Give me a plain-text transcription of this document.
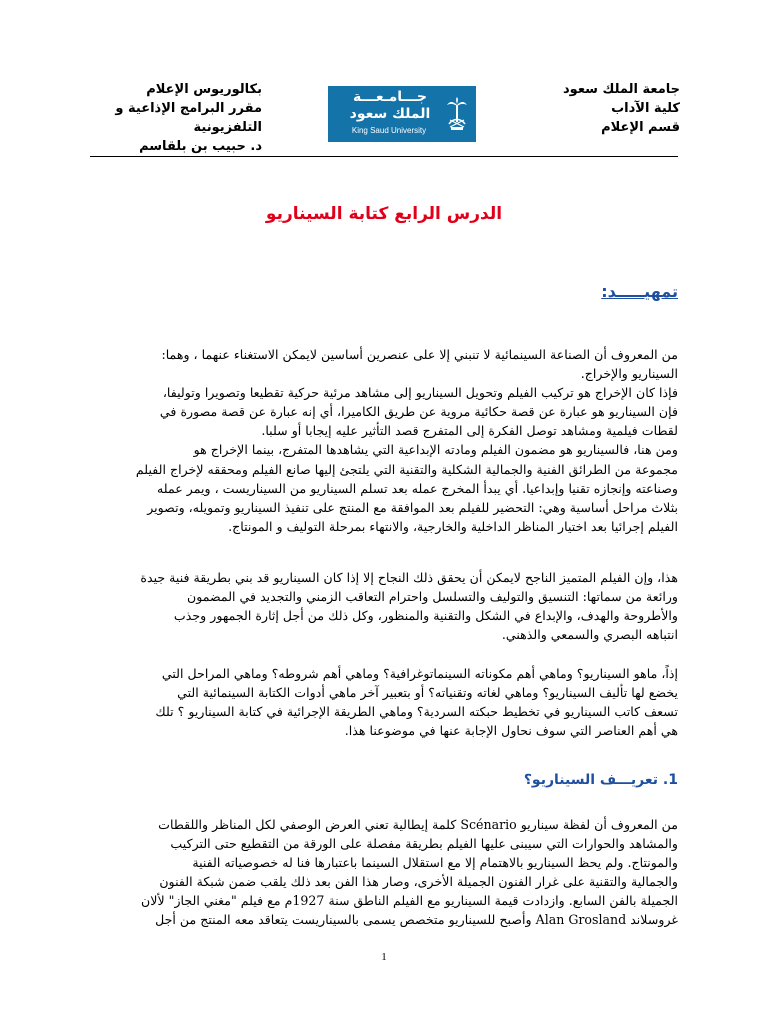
جامعة الملك سعود
كلية الآداب
قسم الإعلام
جـــامـعـــة
الملك سعود
King Saud University
بكالوريوس الإعلام
مقرر البرامج الإذاعية و التلفزيونية
د. حبيب بن بلقاسم
الدرس الرابع كتابة السيناريو
تمهيـــــد:
من المعروف أن الصناعة السينمائية لا تنبني إلا على عنصرين أساسين لايمكن الاستغناء عنهما ، وهما:
السيناريو والإخراج.
فإذا كان الإخراج هو تركيب الفيلم وتحويل السيناريو إلى مشاهد مرئية حركية تقطيعا وتصويرا وتوليفا،
فإن السيناريو هو عبارة عن قصة حكائية مروية عن طريق الكاميرا، أي إنه عبارة عن قصة مصورة في
لقطات فيلمية ومشاهد توصل الفكرة إلى المتفرج قصد التأثير عليه إيجابا أو سلبا.
ومن هنا، فالسيناريو هو مضمون الفيلم ومادته الإبداعية التي يشاهدها المتفرج، بينما الإخراج هو
مجموعة من الطرائق الفنية والجمالية الشكلية والتقنية التي يلتجئ إليها صانع الفيلم ومحققه لإخراج الفيلم
وصناعته وإنجازه تقنيا وإبداعيا. أي يبدأ المخرج عمله بعد تسلم السيناريو من السيناريست ، ويمر عمله
بثلاث مراحل أساسية وهي: التحضير للفيلم بعد الموافقة مع المنتج على تنفيذ السيناريو وتمويله، وتصوير
الفيلم إجرائيا بعد اختيار المناظر الداخلية والخارجية، والانتهاء بمرحلة التوليف و المونتاج.
هذا، وإن الفيلم المتميز الناجح لايمكن أن يحقق ذلك النجاح إلا إذا كان السيناريو قد بني بطريقة فنية جيدة
ورائعة من سماتها: التنسيق والتوليف والتسلسل واحترام التعاقب الزمني والتجديد في المضمون
والأطروحة والهدف، والإبداع في الشكل والتقنية والمنظور، وكل ذلك من أجل إثارة الجمهور وجذب
انتباهه البصري والسمعي والذهني.
إذاً، ماهو السيناريو؟ وماهي أهم مكوناته السينماتوغرافية؟ وماهي أهم شروطه؟ وماهي المراحل التي
يخضع لها تأليف السيناريو؟ وماهي لغاته وتقنياته؟ أو بتعبير آخر ماهي أدوات الكتابة السينمائية التي
تسعف كاتب السيناريو في تخطيط حبكته السردية؟ وماهي الطريقة الإجرائية في كتابة السيناريو ؟ تلك
هي أهم العناصر التي سوف نحاول الإجابة عنها في موضوعنا هذا.
1. تعريـــف السيناريو؟
من المعروف أن لفظة سيناريو Scénario كلمة إيطالية تعني العرض الوصفي لكل المناظر واللقطات
والمشاهد والحوارات التي سيبنى عليها الفيلم بطريقة مفصلة على الورقة من التقطيع حتى التركيب
والمونتاج. ولم يحظ السيناريو بالاهتمام إلا مع استقلال السينما باعتبارها فنا له خصوصياته الفنية
والجمالية والتقنية على غرار الفنون الجميلة الأخرى، وصار هذا الفن بعد ذلك يلقب ضمن شبكة الفنون
الجميلة بالفن السابع. وازدادت قيمة السيناريو مع الفيلم الناطق سنة 1927م مع فيلم "مغني الجاز" لألان
غروسلاند Alan Grosland وأصبح للسيناريو متخصص يسمى بالسيناريست يتعاقد معه المنتج من أجل
1
